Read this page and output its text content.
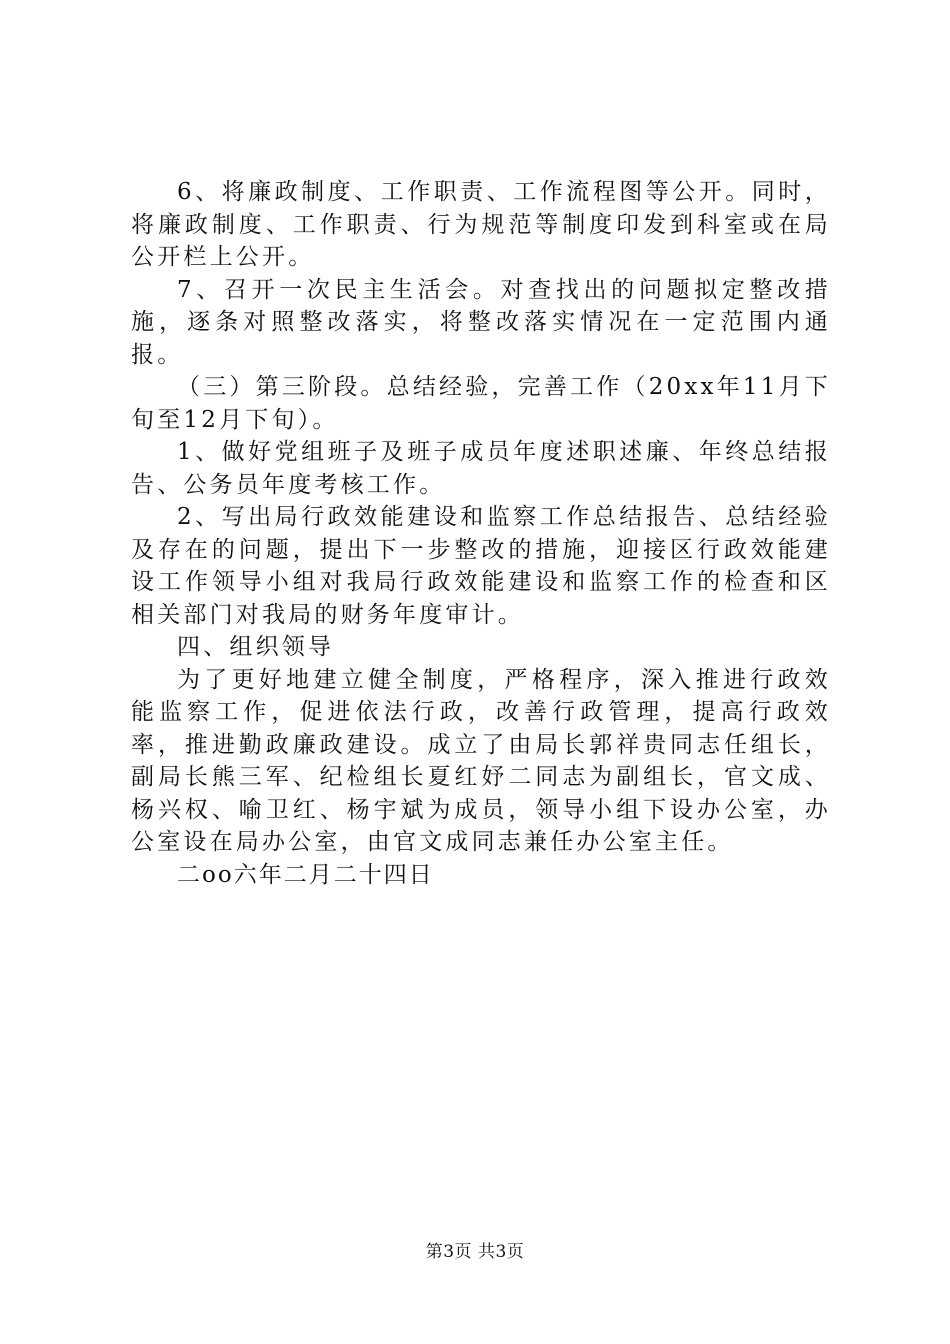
6、将廉政制度、工作职责、工作流程图等公开。同时，将廉政制度、工作职责、行为规范等制度印发到科室或在局公开栏上公开。

7、召开一次民主生活会。对查找出的问题拟定整改措施，逐条对照整改落实，将整改落实情况在一定范围内通报。

（三）第三阶段。总结经验，完善工作（20xx年11月下旬至12月下旬）。

1、做好党组班子及班子成员年度述职述廉、年终总结报告、公务员年度考核工作。

2、写出局行政效能建设和监察工作总结报告、总结经验及存在的问题，提出下一步整改的措施，迎接区行政效能建设工作领导小组对我局行政效能建设和监察工作的检查和区相关部门对我局的财务年度审计。

四、组织领导

为了更好地建立健全制度，严格程序，深入推进行政效能监察工作，促进依法行政，改善行政管理，提高行政效率，推进勤政廉政建设。成立了由局长郭祥贵同志任组长，副局长熊三军、纪检组长夏红妤二同志为副组长，官文成、杨兴权、喻卫红、杨宇斌为成员，领导小组下设办公室，办公室设在局办公室，由官文成同志兼任办公室主任。

二oo六年二月二十四日

第3页 共3页
